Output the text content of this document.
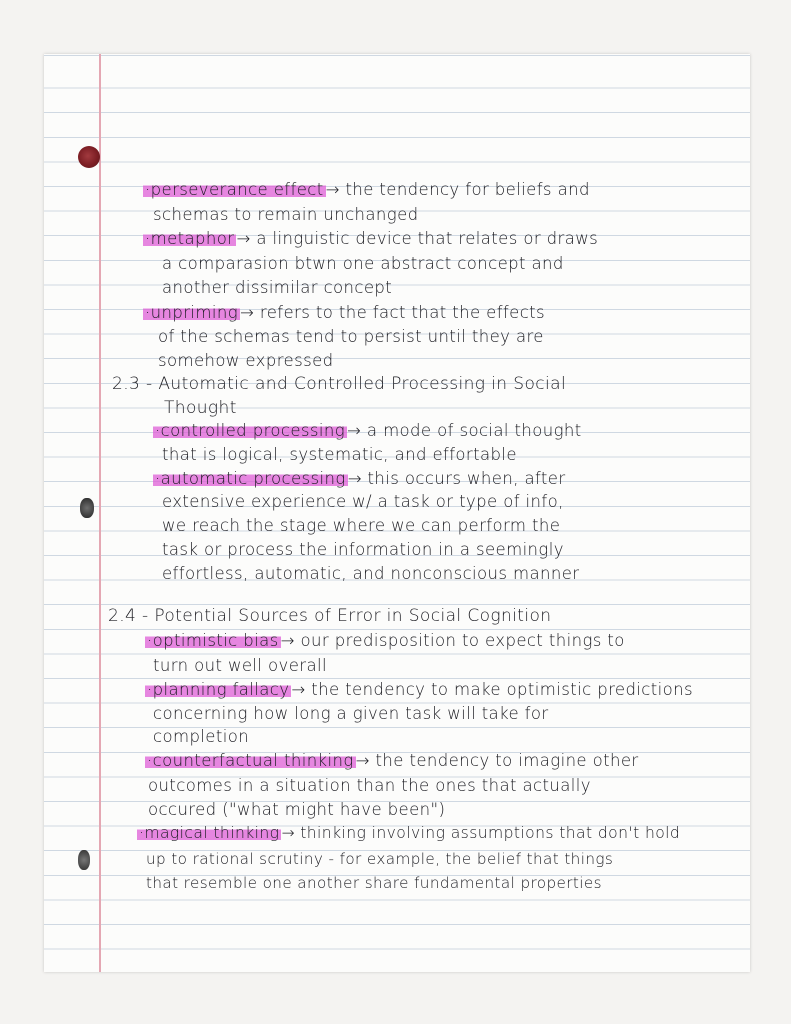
·perseverance effect → the tendency for beliefs and
schemas to remain unchanged
·metaphor → a linguistic device that relates or draws
a comparasion btwn one abstract concept and
another dissimilar concept
·unpriming → refers to the fact that the effects
of the schemas tend to persist until they are
somehow expressed
2.3 - Automatic and Controlled Processing in Social
Thought
·controlled processing → a mode of social thought
that is logical, systematic, and effortable
·automatic processing → this occurs when, after
extensive experience w/ a task or type of info,
we reach the stage where we can perform the
task or process the information in a seemingly
effortless, automatic, and nonconscious manner
2.4 - Potential Sources of Error in Social Cognition
·optimistic bias → our predisposition to expect things to
turn out well overall
·planning fallacy → the tendency to make optimistic predictions
concerning how long a given task will take for
completion
·counterfactual thinking → the tendency to imagine other
outcomes in a situation than the ones that actually
occured ("what might have been")
·magical thinking → thinking involving assumptions that don't hold
up to rational scrutiny - for example, the belief that things
that resemble one another share fundamental properties
